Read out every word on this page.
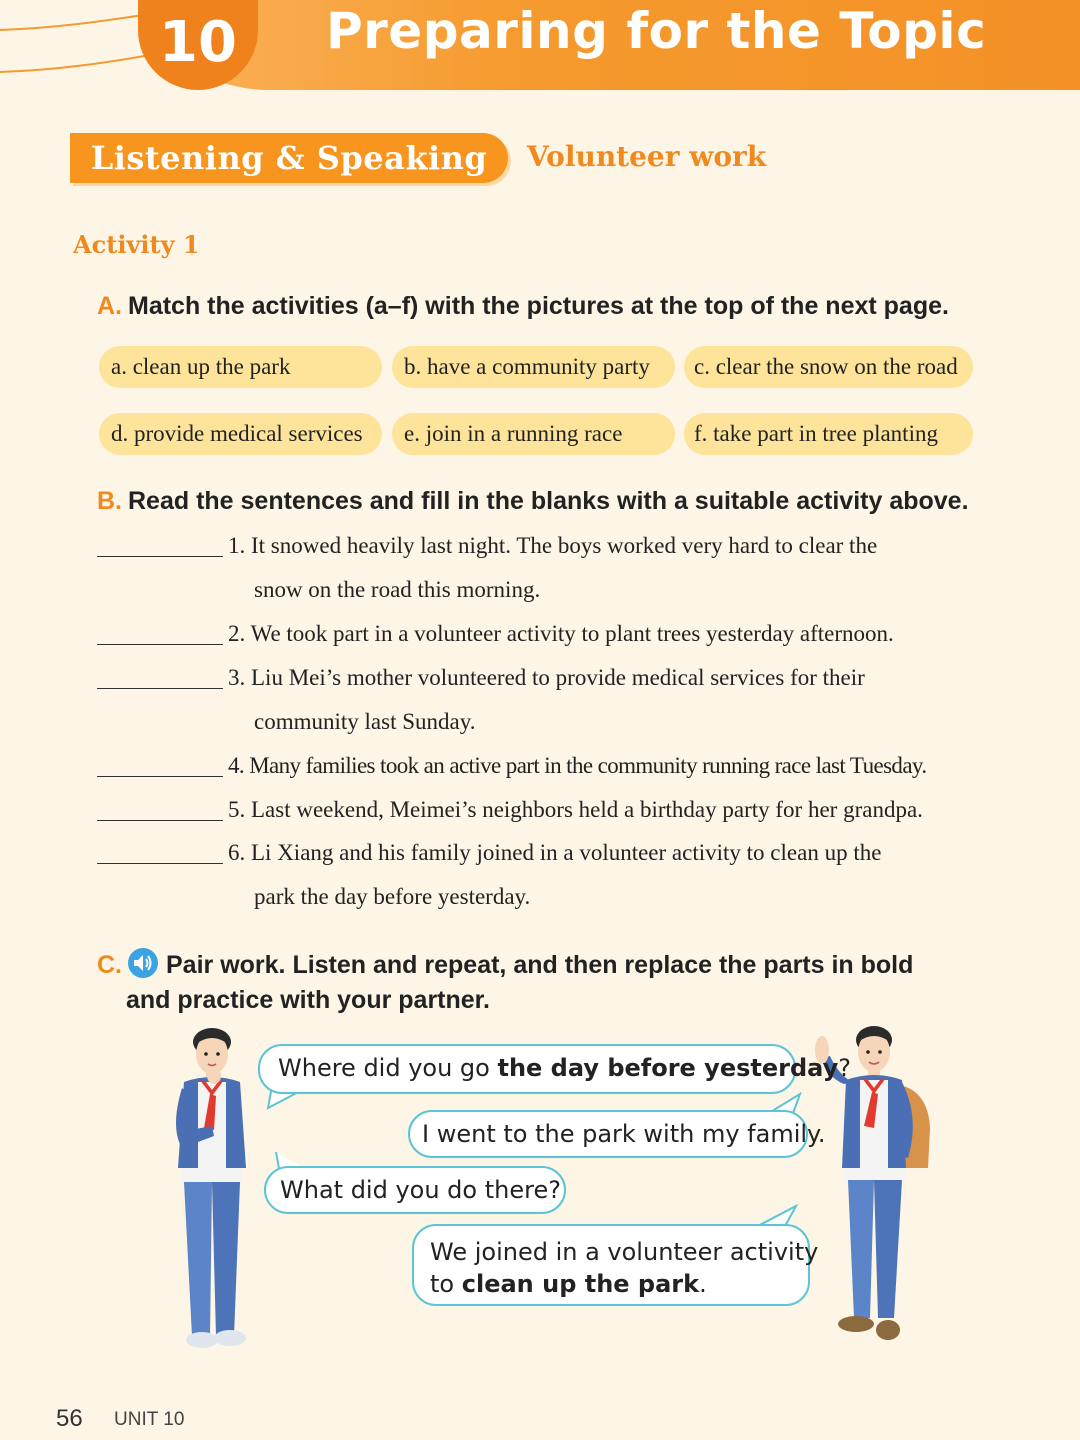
10	Preparing for the Topic
Listening & Speaking	Volunteer work
Activity 1
A. Match the activities (a–f) with the pictures at the top of the next page.
a. clean up the park	b. have a community party	c. clear the snow on the road
d. provide medical services	e. join in a running race	f. take part in tree planting
B. Read the sentences and fill in the blanks with a suitable activity above.
1. It snowed heavily last night. The boys worked very hard to clear the
snow on the road this morning.
2. We took part in a volunteer activity to plant trees yesterday afternoon.
3. Liu Mei’s mother volunteered to provide medical services for their
community last Sunday.
4. Many families took an active part in the community running race last Tuesday.
5. Last weekend, Meimei’s neighbors held a birthday party for her grandpa.
6. Li Xiang and his family joined in a volunteer activity to clean up the
park the day before yesterday.
C. Pair work. Listen and repeat, and then replace the parts in bold
and practice with your partner.
Where did you go the day before yesterday?
I went to the park with my family.
What did you do there?
We joined in a volunteer activity
to clean up the park.
56 UNIT 10
